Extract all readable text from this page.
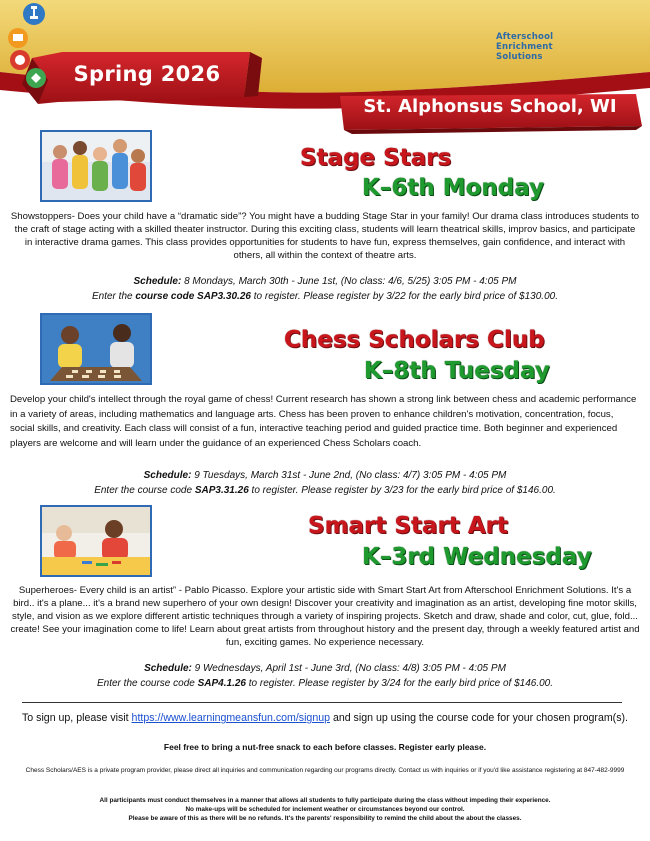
Spring 2026
St. Alphonsus School, WI
Afterschool
Enrichment
Solutions
Stage Stars
K–6th Monday
Showstoppers- Does your child have a “dramatic side”? You might have a budding Stage Star in your family! Our drama class introduces students to the craft of stage acting with a skilled theater instructor. During this exciting class, students will learn theatrical skills, improv basics, and participate in interactive drama games. This class provides opportunities for students to have fun, express themselves, gain confidence, and interact with others, all within the context of theatre arts.
Schedule: 8 Mondays, March 30th - June 1st, (No class: 4/6, 5/25) 3:05 PM - 4:05 PM
Enter the course code SAP3.30.26 to register. Please register by 3/22 for the early bird price of $130.00.
Chess Scholars Club
K–8th Tuesday
Develop your child's intellect through the royal game of chess! Current research has shown a strong link between chess and academic performance in a variety of areas, including mathematics and language arts. Chess has been proven to enhance children's motivation, concentration, focus, social skills, and creativity. Each class will consist of a fun, interactive teaching period and guided practice time. Both beginner and experienced players are welcome and will learn under the guidance of an experienced Chess Scholars coach.
Schedule: 9 Tuesdays, March 31st - June 2nd, (No class: 4/7) 3:05 PM - 4:05 PM
Enter the course code SAP3.31.26 to register. Please register by 3/23 for the early bird price of $146.00.
Smart Start Art
K–3rd Wednesday
Superheroes- Every child is an artist” - Pablo Picasso. Explore your artistic side with Smart Start Art from Afterschool Enrichment Solutions. It's a bird.. it's a plane... it's a brand new superhero of your own design! Discover your creativity and imagination as an artist, developing fine motor skills, style, and vision as we explore different artistic techniques through a variety of inspiring projects. Sketch and draw, shade and color, cut, glue, fold... create! See your imagination come to life! Learn about great artists from throughout history and the present day, through a weekly featured artist and fun, exciting games. No experience necessary.
Schedule: 9 Wednesdays, April 1st - June 3rd, (No class: 4/8) 3:05 PM - 4:05 PM
Enter the course code SAP4.1.26 to register. Please register by 3/24 for the early bird price of $146.00.
To sign up, please visit https://www.learningmeansfun.com/signup and sign up using the course code for your chosen program(s).
Feel free to bring a nut-free snack to each before classes. Register early please.
Chess Scholars/AES is a private program provider, please direct all inquiries and communication regarding our programs directly. Contact us with inquiries or if you'd like assistance registering at 847-482-9999
All participants must conduct themselves in a manner that allows all students to fully participate during the class without impeding their experience.
No make-ups will be scheduled for inclement weather or circumstances beyond our control.
Please be aware of this as there will be no refunds. It's the parents' responsibility to remind the child about the about the classes.
